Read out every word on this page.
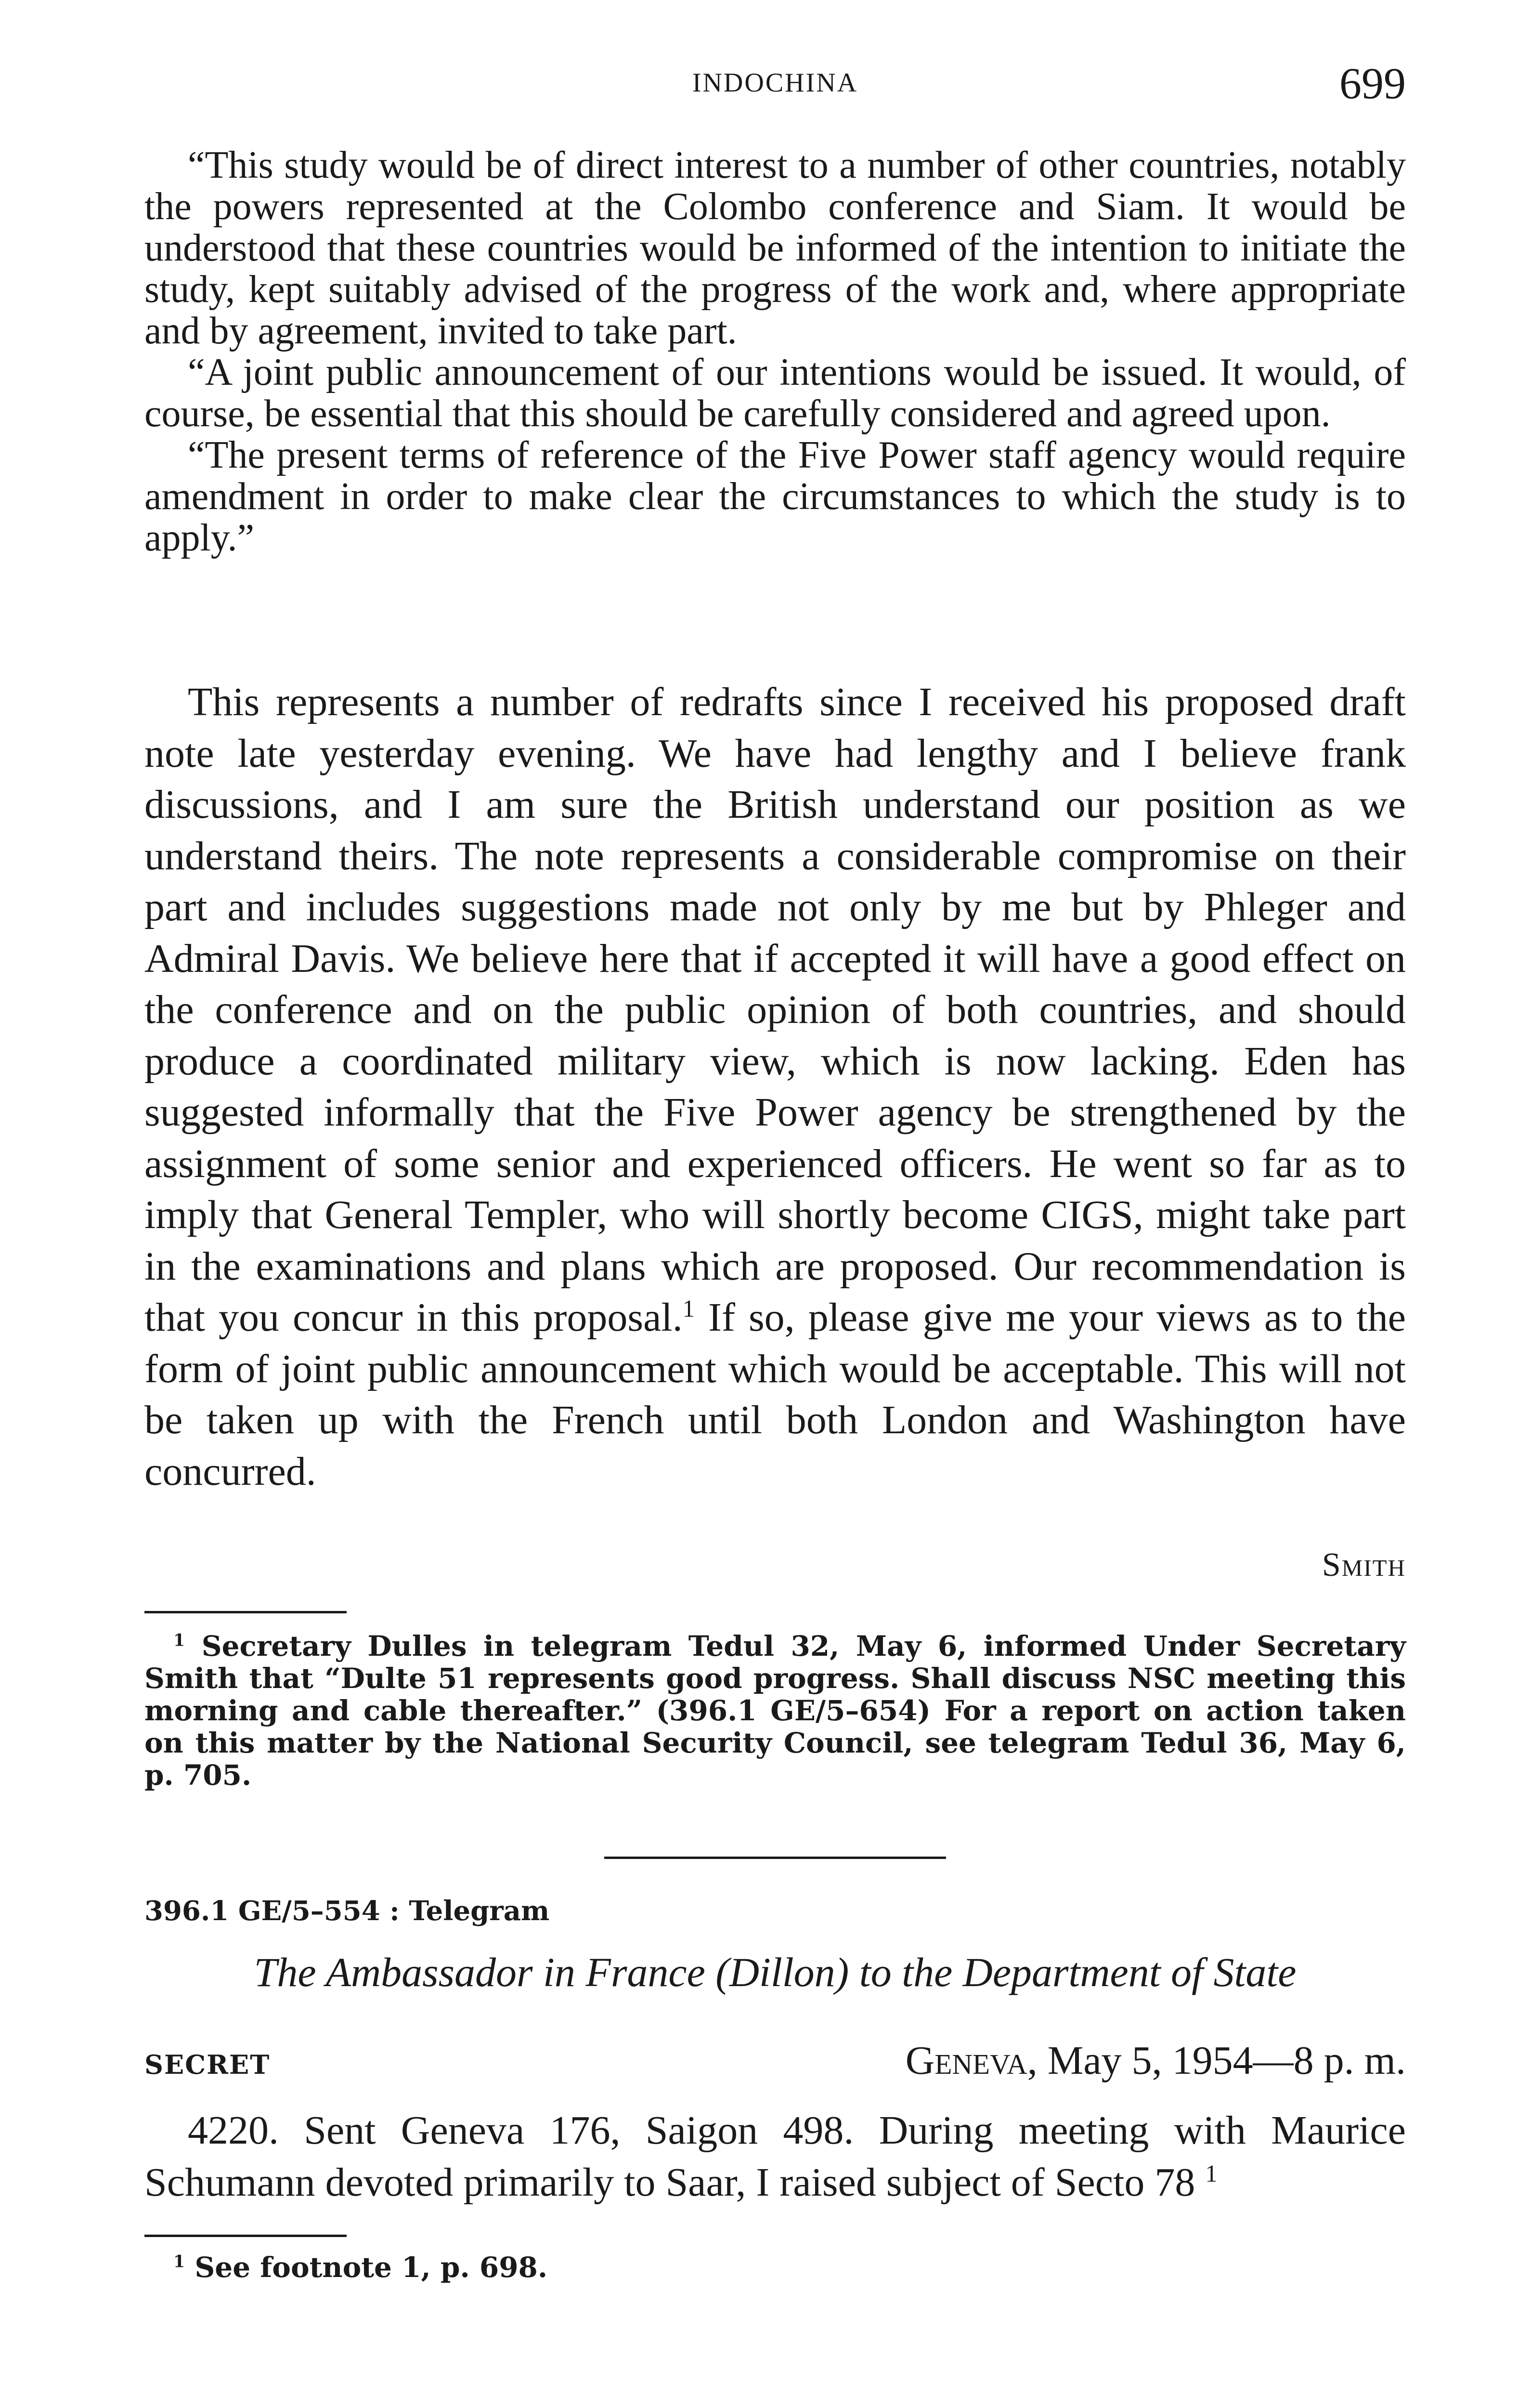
INDOCHINA	699

“This study would be of direct interest to a number of other countries, notably the powers represented at the Colombo conference and Siam. It would be understood that these countries would be informed of the intention to initiate the study, kept suitably advised of the progress of the work and, where appropriate and by agreement, invited to take part.

“A joint public announcement of our intentions would be issued. It would, of course, be essential that this should be carefully considered and agreed upon.

“The present terms of reference of the Five Power staff agency would require amendment in order to make clear the circumstances to which the study is to apply.”

This represents a number of redrafts since I received his proposed draft note late yesterday evening. We have had lengthy and I believe frank discussions, and I am sure the British understand our position as we understand theirs. The note represents a considerable compromise on their part and includes suggestions made not only by me but by Phleger and Admiral Davis. We believe here that if accepted it will have a good effect on the conference and on the public opinion of both countries, and should produce a coordinated military view, which is now lacking. Eden has suggested informally that the Five Power agency be strengthened by the assignment of some senior and experienced officers. He went so far as to imply that General Templer, who will shortly become CIGS, might take part in the examinations and plans which are proposed. Our recommendation is that you concur in this proposal.$^1$ If so, please give me your views as to the form of joint public announcement which would be acceptable. This will not be taken up with the French until both London and Washington have concurred.

Smith

$^1$ Secretary Dulles in telegram Tedul 32, May 6, informed Under Secretary Smith that “Dulte 51 represents good progress. Shall discuss NSC meeting this morning and cable thereafter.” (396.1 GE/5–654) For a report on action taken on this matter by the National Security Council, see telegram Tedul 36, May 6, p. 705.

396.1 GE/5–554 : Telegram
The Ambassador in France (Dillon) to the Department of State
SECRET	Geneva, May 5, 1954—8 p. m.

4220. Sent Geneva 176, Saigon 498. During meeting with Maurice Schumann devoted primarily to Saar, I raised subject of Secto 78 $^1$

$^1$ See footnote 1, p. 698.
